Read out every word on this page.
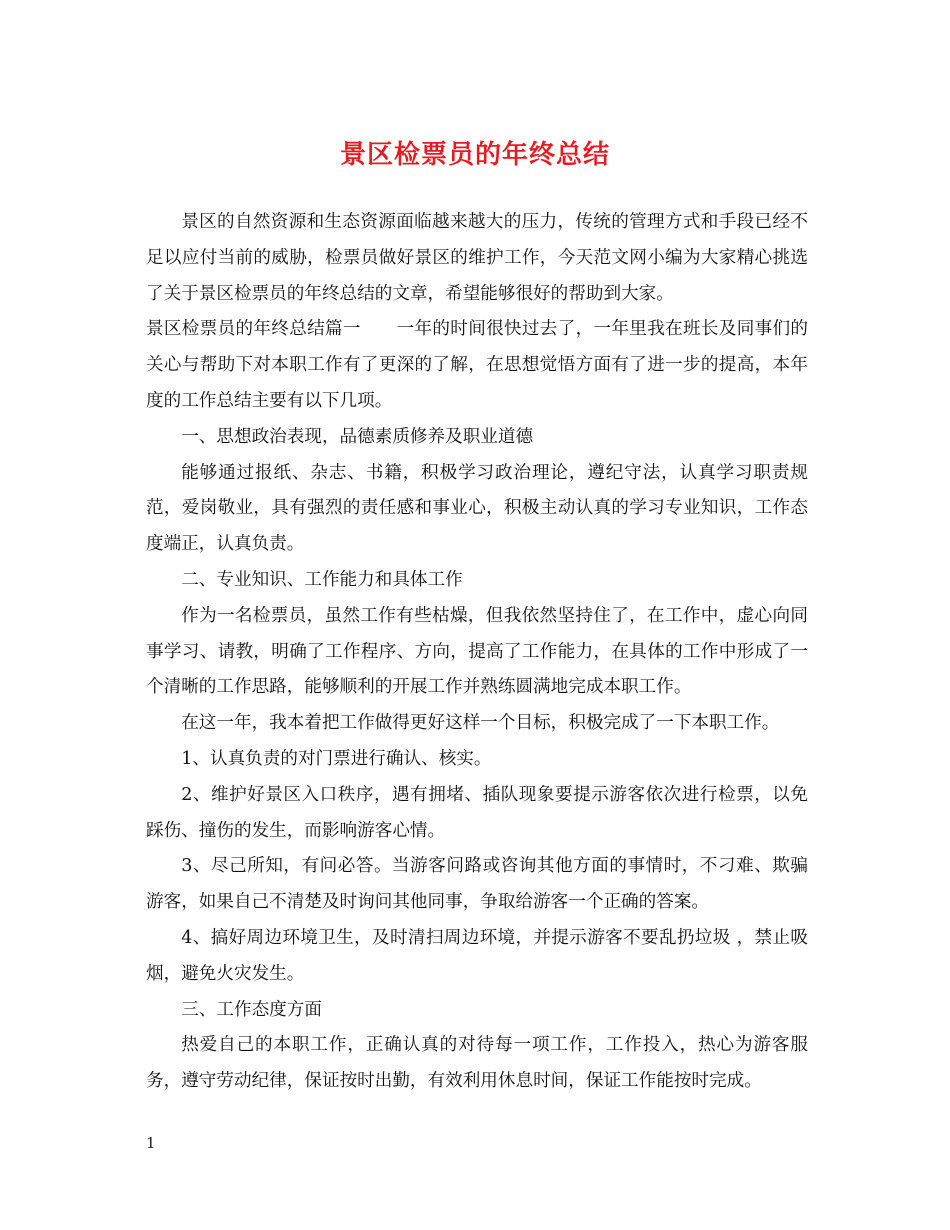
景区检票员的年终总结

景区的自然资源和生态资源面临越来越大的压力，传统的管理方式和手段已经不足以应付当前的威胁，检票员做好景区的维护工作，今天范文网小编为大家精心挑选了关于景区检票员的年终总结的文章，希望能够很好的帮助到大家。

景区检票员的年终总结篇一　　一年的时间很快过去了，一年里我在班长及同事们的关心与帮助下对本职工作有了更深的了解，在思想觉悟方面有了进一步的提高，本年度的工作总结主要有以下几项。

一、思想政治表现，品德素质修养及职业道德

能够通过报纸、杂志、书籍，积极学习政治理论，遵纪守法，认真学习职责规范，爱岗敬业，具有强烈的责任感和事业心，积极主动认真的学习专业知识，工作态度端正，认真负责。

二、专业知识、工作能力和具体工作

作为一名检票员，虽然工作有些枯燥，但我依然坚持住了，在工作中，虚心向同事学习、请教，明确了工作程序、方向，提高了工作能力，在具体的工作中形成了一个清晰的工作思路，能够顺利的开展工作并熟练圆满地完成本职工作。

在这一年，我本着把工作做得更好这样一个目标，积极完成了一下本职工作。

1、认真负责的对门票进行确认、核实。

2、维护好景区入口秩序，遇有拥堵、插队现象要提示游客依次进行检票，以免踩伤、撞伤的发生，而影响游客心情。

3、尽己所知，有问必答。当游客问路或咨询其他方面的事情时，不刁难、欺骗游客，如果自己不清楚及时询问其他同事，争取给游客一个正确的答案。

4、搞好周边环境卫生，及时清扫周边环境，并提示游客不要乱扔垃圾 ，禁止吸烟，避免火灾发生。

三、工作态度方面

热爱自己的本职工作，正确认真的对待每一项工作，工作投入，热心为游客服务，遵守劳动纪律，保证按时出勤，有效利用休息时间，保证工作能按时完成。

1
